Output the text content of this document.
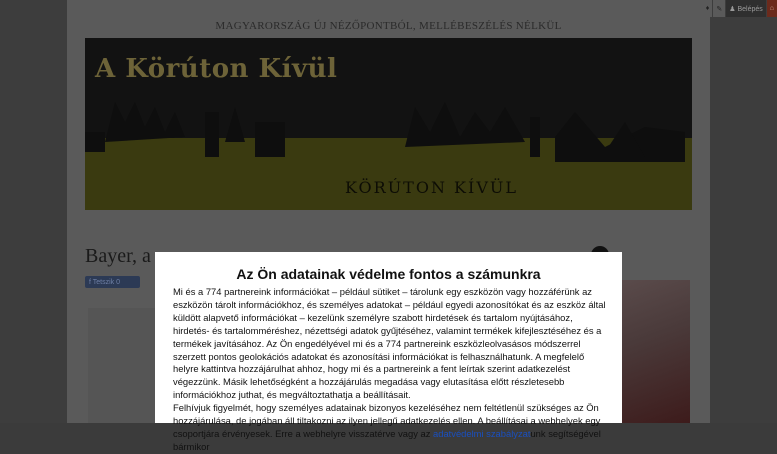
♦	✎	♟ Belépés	⌂
MAGYARORSZÁG ÚJ NÉZŐPONTBÓL, MELLÉBESZÉLÉS NÉLKÜL
A Körúton Kívül
KÖRÚTON KÍVÜL
Bayer, a
f Tetszik 0	Az Ön adatainak védelme fontos a számunkra

Mi és a 774 partnereink információkat – például sütiket – tárolunk egy eszközön vagy hozzáférünk az eszközön tárolt információkhoz, és személyes adatokat – például egyedi azonosítókat és az eszköz által küldött alapvető információkat – kezelünk személyre szabott hirdetések és tartalom nyújtásához, hirdetés- és tartalomméréshez, nézettségi adatok gyűjtéséhez, valamint termékek kifejlesztéséhez és a termékek javításához. Az Ön engedélyével mi és a 774 partnereink eszközleolvasásos módszerrel szerzett pontos geolokációs adatokat és azonosítási információkat is felhasználhatunk. A megfelelő helyre kattintva hozzájárulhat ahhoz, hogy mi és a partnereink a fent leírtak szerint adatkezelést végezzünk. Másik lehetőségként a hozzájárulás megadása vagy elutasítása előtt részletesebb információkhoz juthat, és megváltoztathatja a beállításait.

Felhívjuk figyelmét, hogy személyes adatainak bizonyos kezeléséhez nem feltétlenül szükséges az Ön hozzájárulása, de jogában áll tiltakozni az ilyen jellegű adatkezelés ellen. A beállításai a webhelyek egy csoportjára érvényesek. Erre a webhelyre visszatérve vagy az adatvédelmi szabályzatunk segítségével bármikor
